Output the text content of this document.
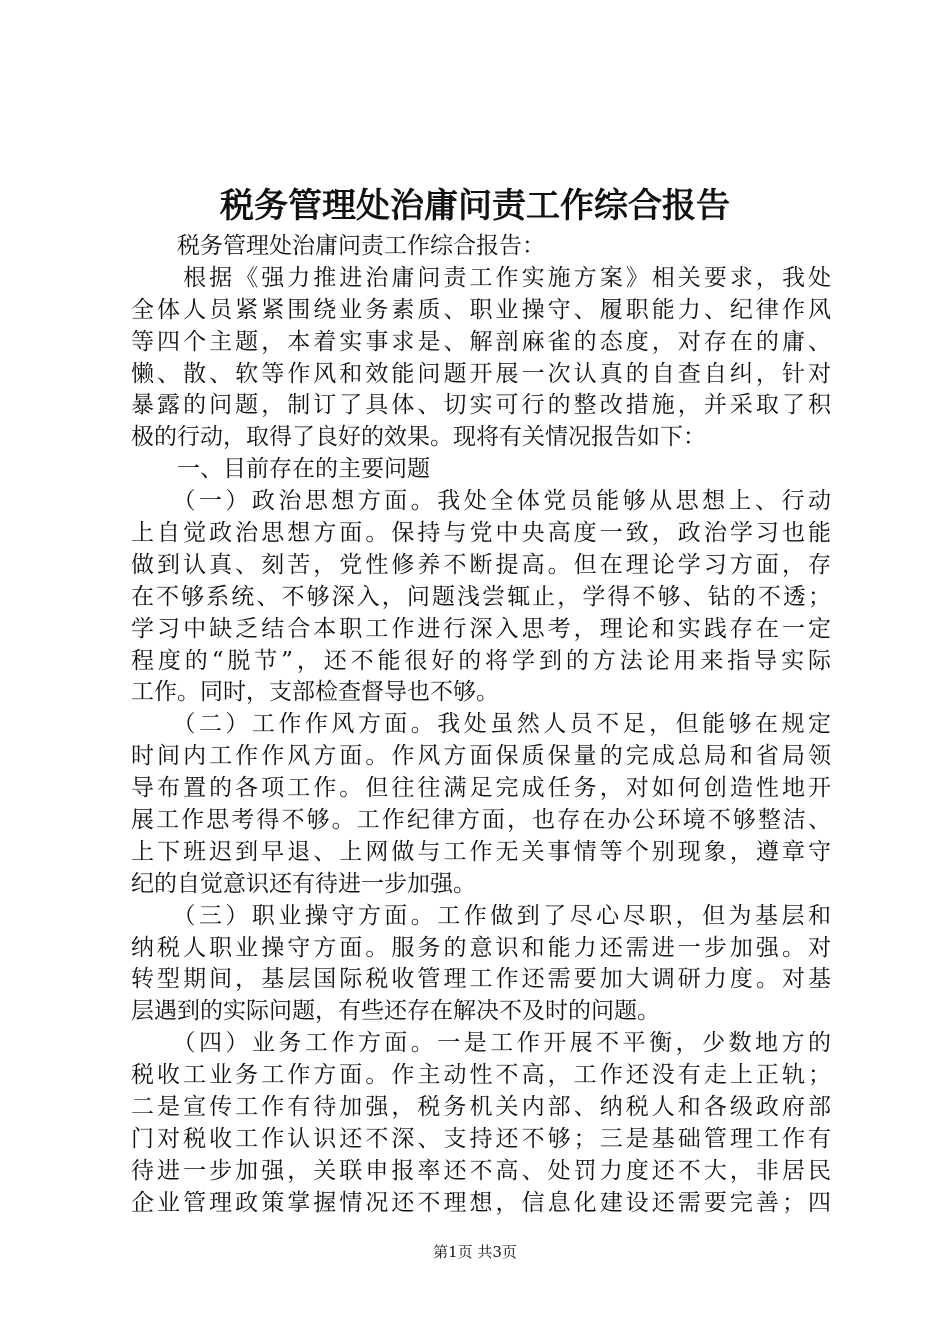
税务管理处治庸问责工作综合报告
　　税务管理处治庸问责工作综合报告：
　　根据《强力推进治庸问责工作实施方案》相关要求，我处
全体人员紧紧围绕业务素质、职业操守、履职能力、纪律作风
等四个主题，本着实事求是、解剖麻雀的态度，对存在的庸、
懒、散、软等作风和效能问题开展一次认真的自查自纠，针对
暴露的问题，制订了具体、切实可行的整改措施，并采取了积
极的行动，取得了良好的效果。现将有关情况报告如下：
　　一、目前存在的主要问题
　　（一）政治思想方面。我处全体党员能够从思想上、行动
上自觉政治思想方面。保持与党中央高度一致，政治学习也能
做到认真、刻苦，党性修养不断提高。但在理论学习方面，存
在不够系统、不够深入，问题浅尝辄止，学得不够、钻的不透；
学习中缺乏结合本职工作进行深入思考，理论和实践存在一定
程度的“脱节”，还不能很好的将学到的方法论用来指导实际
工作。同时，支部检查督导也不够。
　　（二）工作作风方面。我处虽然人员不足，但能够在规定
时间内工作作风方面。作风方面保质保量的完成总局和省局领
导布置的各项工作。但往往满足完成任务，对如何创造性地开
展工作思考得不够。工作纪律方面，也存在办公环境不够整洁、
上下班迟到早退、上网做与工作无关事情等个别现象，遵章守
纪的自觉意识还有待进一步加强。
　　（三）职业操守方面。工作做到了尽心尽职，但为基层和
纳税人职业操守方面。服务的意识和能力还需进一步加强。对
转型期间，基层国际税收管理工作还需要加大调研力度。对基
层遇到的实际问题，有些还存在解决不及时的问题。
　　（四）业务工作方面。一是工作开展不平衡，少数地方的
税收工业务工作方面。作主动性不高，工作还没有走上正轨；
二是宣传工作有待加强，税务机关内部、纳税人和各级政府部
门对税收工作认识还不深、支持还不够；三是基础管理工作有
待进一步加强，关联申报率还不高、处罚力度还不大，非居民
企业管理政策掌握情况还不理想，信息化建设还需要完善；四
第1页 共3页
